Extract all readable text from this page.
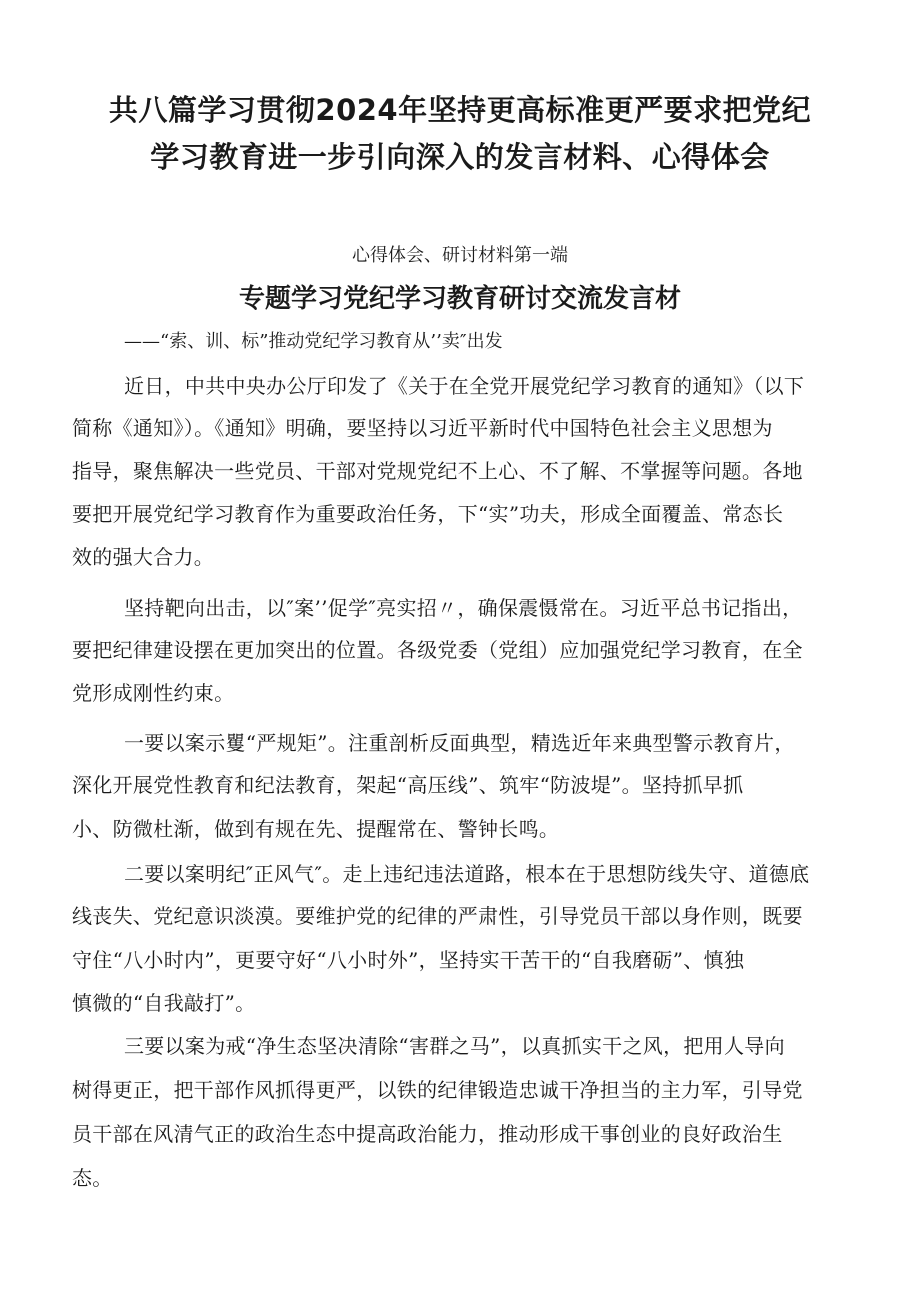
共八篇学习贯彻2024年坚持更高标准更严要求把党纪
学习教育进一步引向深入的发言材料、心得体会
心得体会、研讨材料第一端
专题学习党纪学习教育研讨交流发言材
——“索、训、标”推动党纪学习教育从’’卖″出发
近日，中共中央办公厅印发了《关于在全党开展党纪学习教育的通知》（以下
简称《通知》）。《通知》明确，要坚持以习近平新时代中国特色社会主义思想为
指导，聚焦解决一些党员、干部对党规党纪不上心、不了解、不掌握等问题。各地
要把开展党纪学习教育作为重要政治任务，下“实”功夫，形成全面覆盖、常态长
效的强大合力。
坚持靶向出击，以″案’’促学″亮实招〃，确保震慑常在。习近平总书记指出，
要把纪律建设摆在更加突出的位置。各级党委（党组）应加强党纪学习教育，在全
党形成刚性约束。
一要以案示矍“严规矩”。注重剖析反面典型，精选近年来典型警示教育片，
深化开展党性教育和纪法教育，架起“高压线”、筑牢“防波堤”。坚持抓早抓
小、防微杜渐，做到有规在先、提醒常在、警钟长鸣。
二要以案明纪″正风气″。走上违纪违法道路，根本在于思想防线失守、道德底
线丧失、党纪意识淡漠。要维护党的纪律的严肃性，引导党员干部以身作则，既要
守住“八小时内”，更要守好“八小时外”，坚持实干苦干的“自我磨砺”、慎独
慎微的“自我敲打”。
三要以案为戒“净生态坚决清除“害群之马”，以真抓实干之风，把用人导向
树得更正，把干部作风抓得更严，以铁的纪律锻造忠诚干净担当的主力军，引导党
员干部在风清气正的政治生态中提高政治能力，推动形成干事创业的良好政治生
态。
